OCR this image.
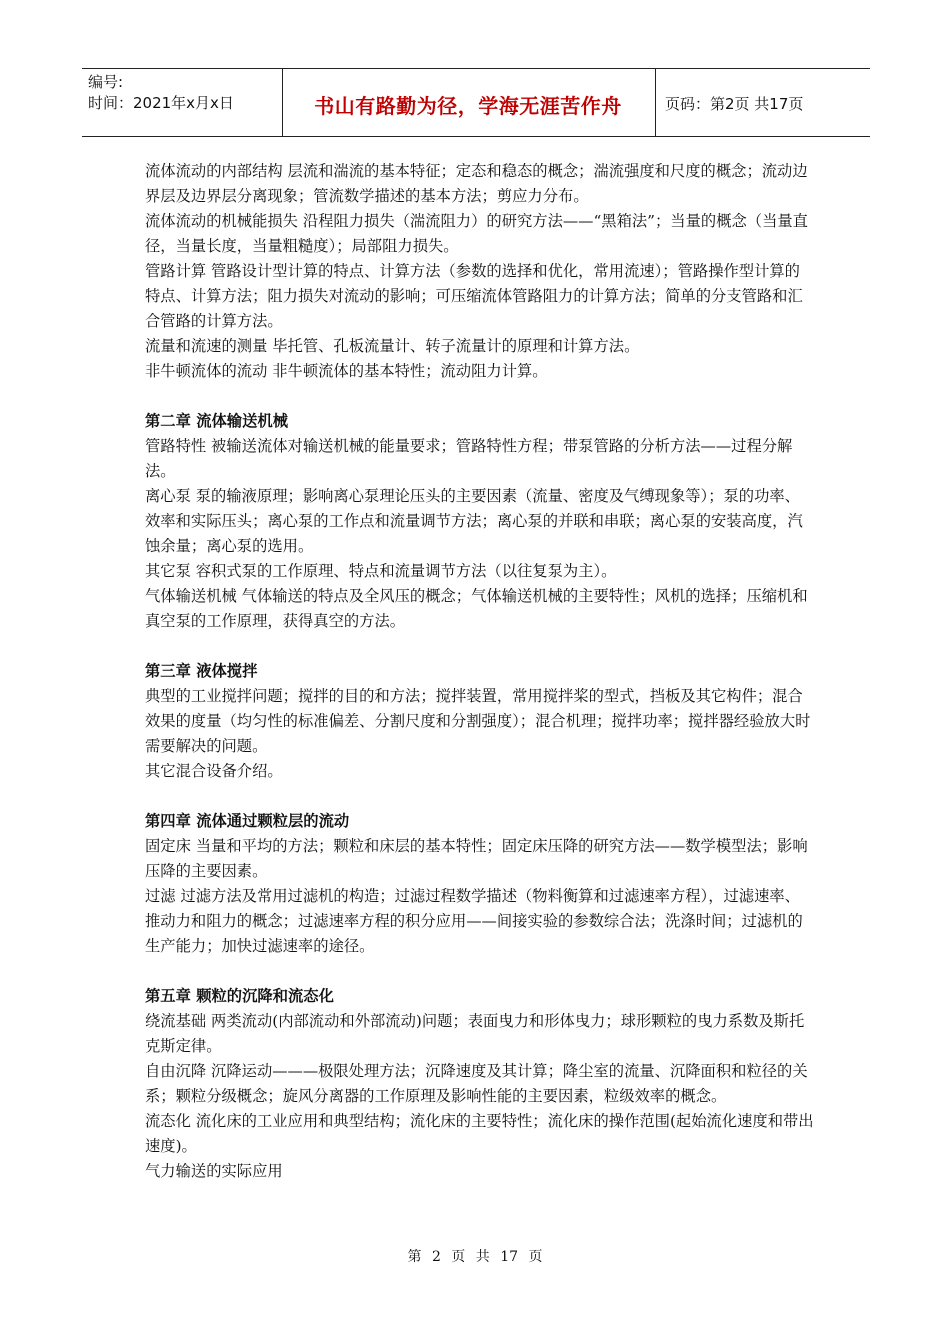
编号:
时间：2021年x月x日	书山有路勤为径，学海无涯苦作舟	页码：第2页 共17页

流体流动的内部结构 层流和湍流的基本特征；定态和稳态的概念；湍流强度和尺度的概念；流动边界层及边界层分离现象；管流数学描述的基本方法；剪应力分布。

流体流动的机械能损失 沿程阻力损失（湍流阻力）的研究方法——“黑箱法”；当量的概念（当量直径，当量长度，当量粗糙度）；局部阻力损失。

管路计算 管路设计型计算的特点、计算方法（参数的选择和优化，常用流速）；管路操作型计算的特点、计算方法；阻力损失对流动的影响；可压缩流体管路阻力的计算方法；简单的分支管路和汇合管路的计算方法。

流量和流速的测量 毕托管、孔板流量计、转子流量计的原理和计算方法。

非牛顿流体的流动 非牛顿流体的基本特性；流动阻力计算。

第二章 流体输送机械

管路特性 被输送流体对输送机械的能量要求；管路特性方程；带泵管路的分析方法——过程分解法。

离心泵 泵的输液原理；影响离心泵理论压头的主要因素（流量、密度及气缚现象等）；泵的功率、效率和实际压头；离心泵的工作点和流量调节方法；离心泵的并联和串联；离心泵的安装高度，汽蚀余量；离心泵的选用。

其它泵 容积式泵的工作原理、特点和流量调节方法（以往复泵为主）。

气体输送机械 气体输送的特点及全风压的概念；气体输送机械的主要特性；风机的选择；压缩机和真空泵的工作原理，获得真空的方法。

第三章 液体搅拌

典型的工业搅拌问题；搅拌的目的和方法；搅拌装置，常用搅拌桨的型式，挡板及其它构件；混合效果的度量（均匀性的标准偏差、分割尺度和分割强度）；混合机理；搅拌功率；搅拌器经验放大时需要解决的问题。

其它混合设备介绍。

第四章 流体通过颗粒层的流动

固定床 当量和平均的方法；颗粒和床层的基本特性；固定床压降的研究方法——数学模型法；影响压降的主要因素。

过滤 过滤方法及常用过滤机的构造；过滤过程数学描述（物料衡算和过滤速率方程），过滤速率、推动力和阻力的概念；过滤速率方程的积分应用——间接实验的参数综合法；洗涤时间；过滤机的生产能力；加快过滤速率的途径。

第五章 颗粒的沉降和流态化

绕流基础 两类流动(内部流动和外部流动)问题；表面曳力和形体曳力；球形颗粒的曳力系数及斯托克斯定律。

自由沉降 沉降运动———极限处理方法；沉降速度及其计算；降尘室的流量、沉降面积和粒径的关系；颗粒分级概念；旋风分离器的工作原理及影响性能的主要因素，粒级效率的概念。

流态化 流化床的工业应用和典型结构；流化床的主要特性；流化床的操作范围(起始流化速度和带出速度)。

气力输送的实际应用

第 2 页 共 17 页
